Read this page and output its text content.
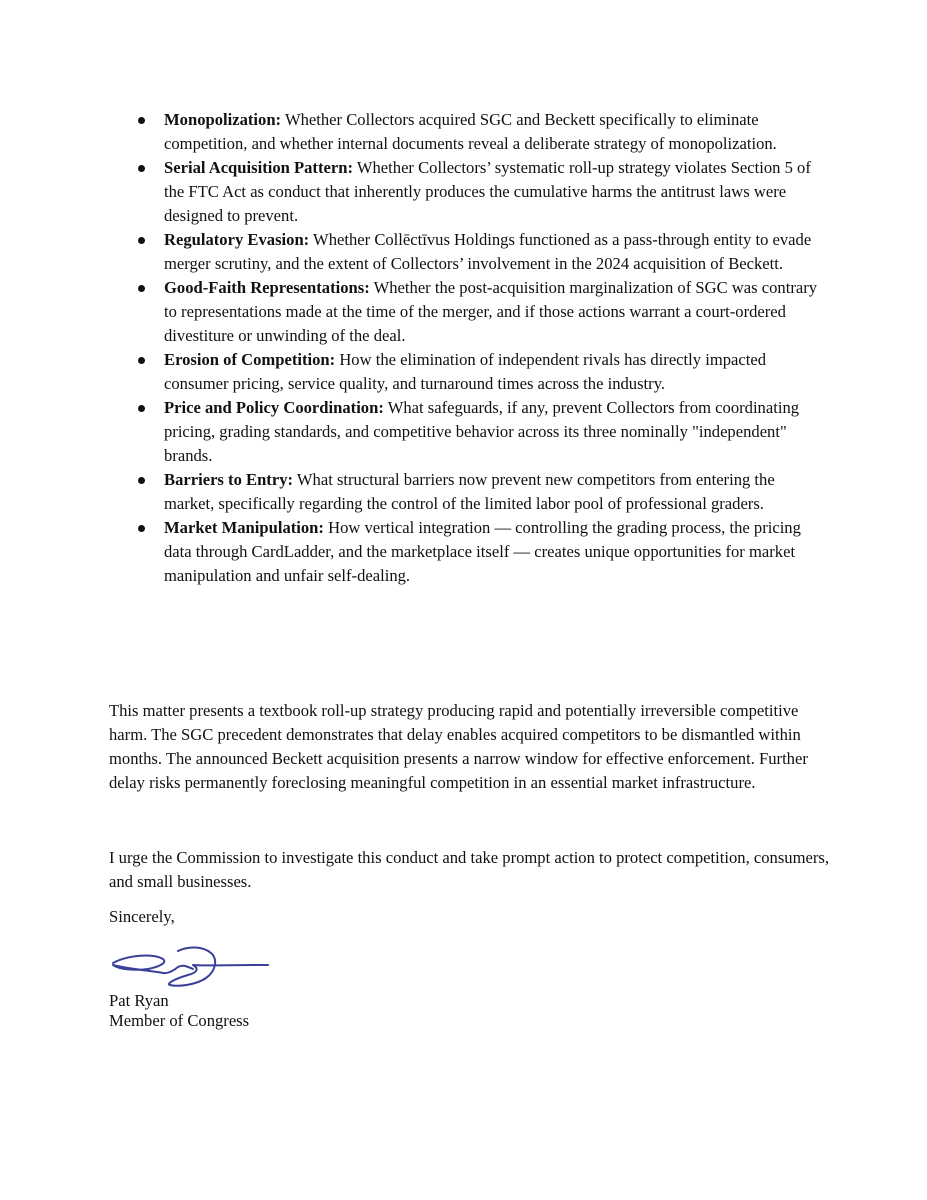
Monopolization: Whether Collectors acquired SGC and Beckett specifically to eliminate competition, and whether internal documents reveal a deliberate strategy of monopolization.
Serial Acquisition Pattern: Whether Collectors’ systematic roll-up strategy violates Section 5 of the FTC Act as conduct that inherently produces the cumulative harms the antitrust laws were designed to prevent.
Regulatory Evasion: Whether Collēctīvus Holdings functioned as a pass-through entity to evade merger scrutiny, and the extent of Collectors’ involvement in the 2024 acquisition of Beckett.
Good-Faith Representations: Whether the post-acquisition marginalization of SGC was contrary to representations made at the time of the merger, and if those actions warrant a court-ordered divestiture or unwinding of the deal.
Erosion of Competition: How the elimination of independent rivals has directly impacted consumer pricing, service quality, and turnaround times across the industry.
Price and Policy Coordination: What safeguards, if any, prevent Collectors from coordinating pricing, grading standards, and competitive behavior across its three nominally "independent" brands.
Barriers to Entry: What structural barriers now prevent new competitors from entering the market, specifically regarding the control of the limited labor pool of professional graders.
Market Manipulation: How vertical integration — controlling the grading process, the pricing data through CardLadder, and the marketplace itself — creates unique opportunities for market manipulation and unfair self-dealing.

This matter presents a textbook roll-up strategy producing rapid and potentially irreversible competitive harm. The SGC precedent demonstrates that delay enables acquired competitors to be dismantled within months. The announced Beckett acquisition presents a narrow window for effective enforcement. Further delay risks permanently foreclosing meaningful competition in an essential market infrastructure.

I urge the Commission to investigate this conduct and take prompt action to protect competition, consumers, and small businesses.

Sincerely,

Pat Ryan

Member of Congress
